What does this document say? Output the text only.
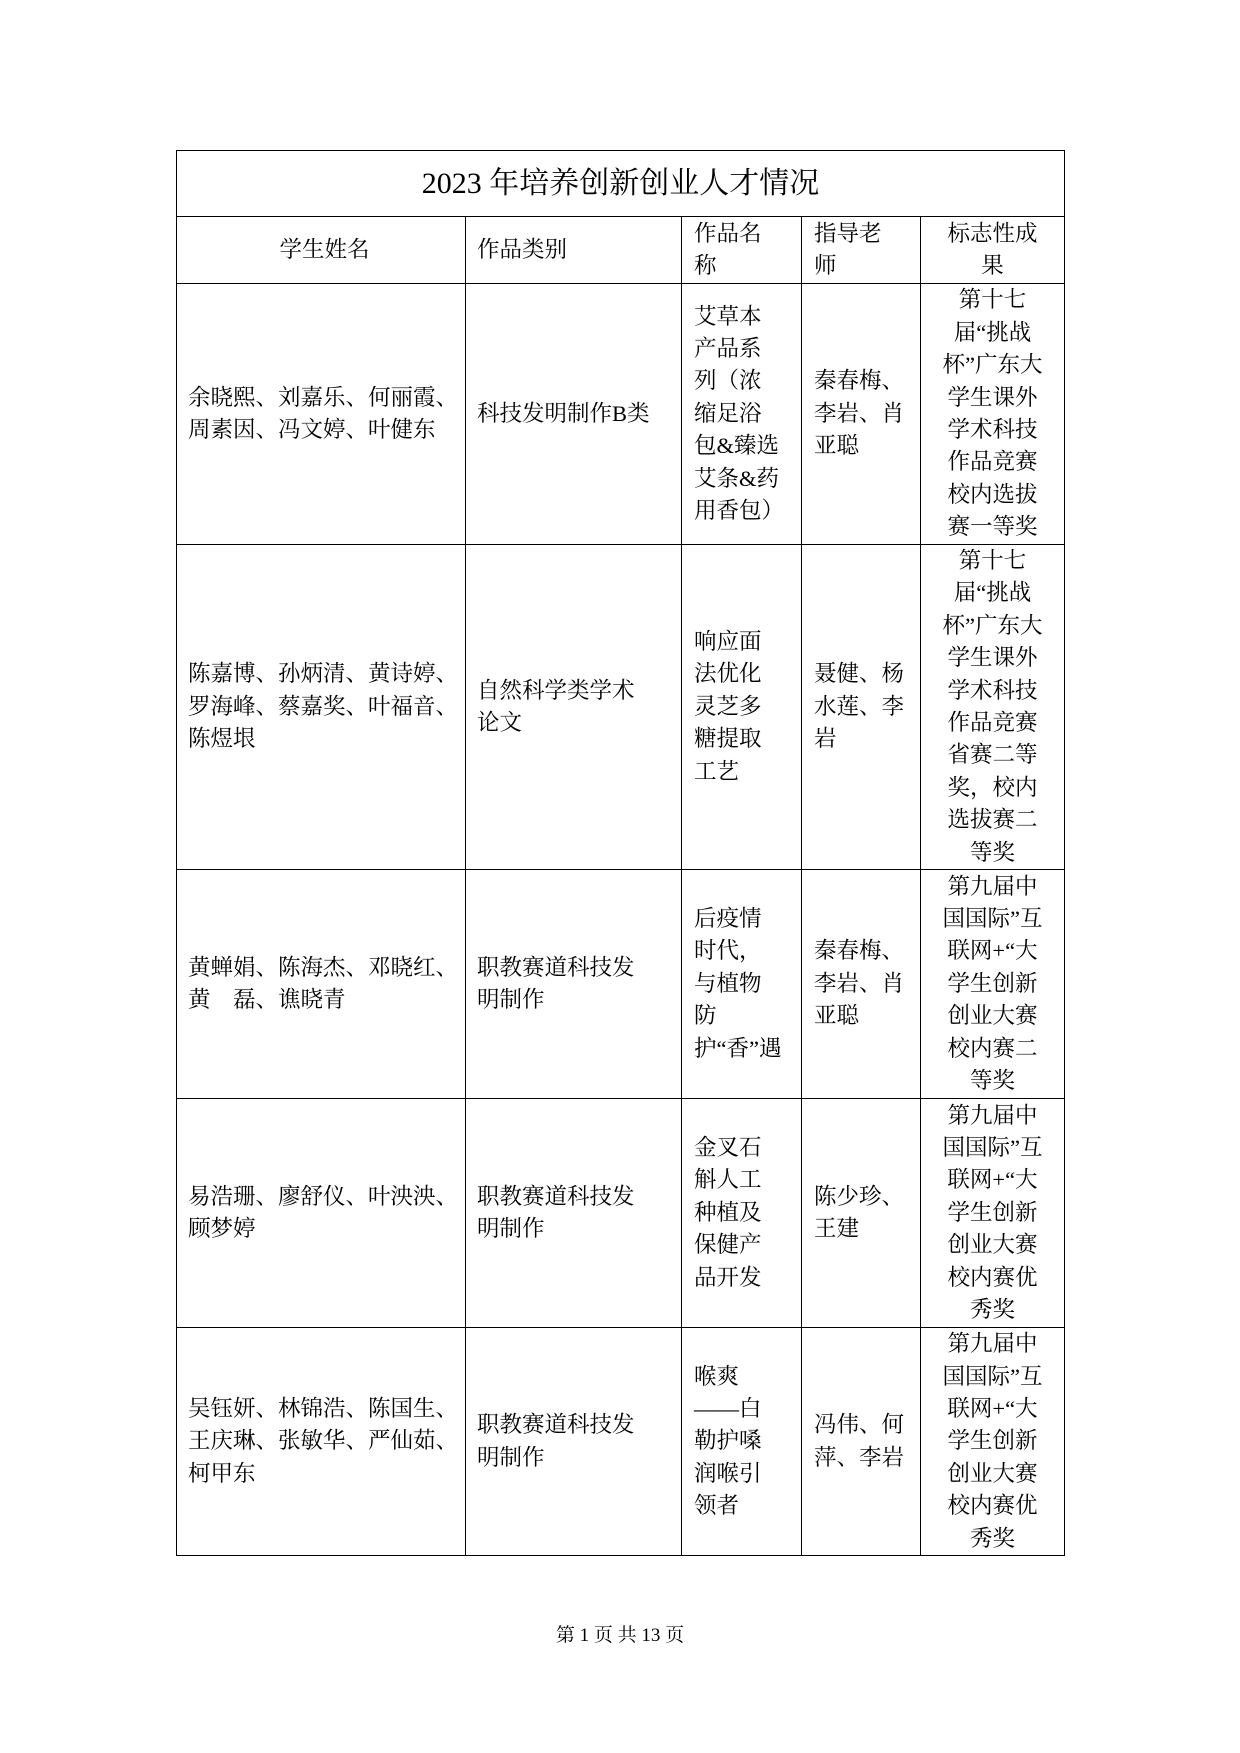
2023 年培养创新创业人才情况				
学生姓名	作品类别	作品名称	指导老师	标志性成果
余晓熙、刘嘉乐、何丽霞、周素因、冯文婷、叶健东	科技发明制作B类	艾草本产品系列（浓缩足浴包&臻选艾条&药用香包）	秦春梅、李岩、肖亚聪	第十七届“挑战杯”广东大学生课外学术科技作品竞赛校内选拔赛一等奖
陈嘉博、孙炳清、黄诗婷、罗海峰、蔡嘉奖、叶福音、陈煜垠	自然科学类学术论文	响应面法优化灵芝多糖提取工艺	聂健、杨水莲、李岩	第十七届“挑战杯”广东大学生课外学术科技作品竞赛省赛二等奖，校内选拔赛二等奖
黄蝉娟、陈海杰、邓晓红、黄　磊、谯晓青	职教赛道科技发明制作	后疫情时代，与植物防护“香”遇	秦春梅、李岩、肖亚聪	第九届中国国际”互联网+“大学生创新创业大赛校内赛二等奖
易浩珊、廖舒仪、叶泱泱、顾梦婷	职教赛道科技发明制作	金叉石斛人工种植及保健产品开发	陈少珍、王建	第九届中国国际”互联网+“大学生创新创业大赛校内赛优秀奖
吴钰妍、林锦浩、陈国生、王庆琳、张敏华、严仙茹、柯甲东	职教赛道科技发明制作	喉爽——白勒护嗓润喉引领者	冯伟、何萍、李岩	第九届中国国际”互联网+“大学生创新创业大赛校内赛优秀奖
第 1 页 共 13 页
